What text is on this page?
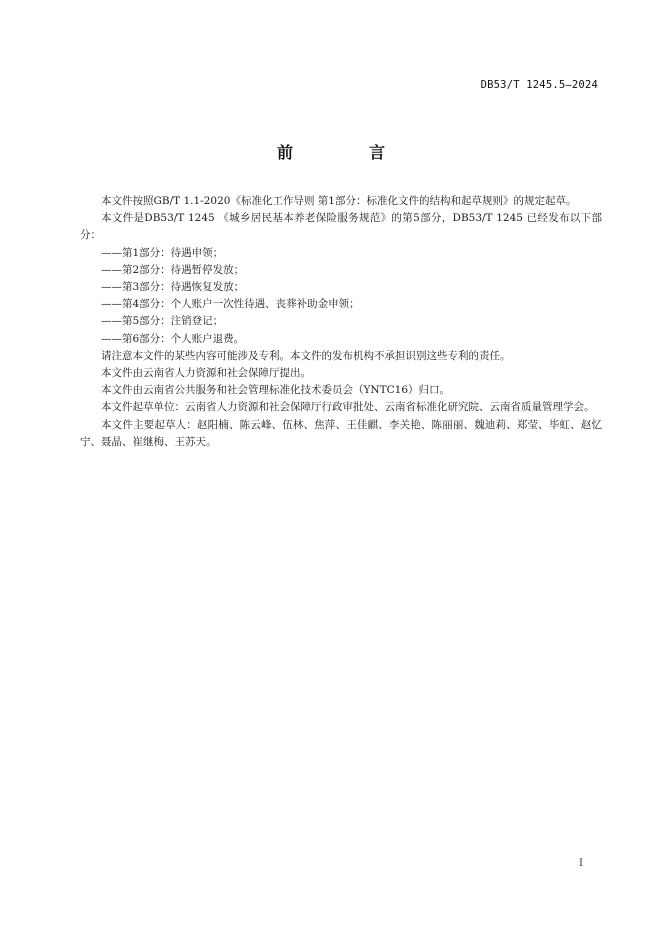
DB53/T 1245.5—2024
前　言

本文件按照GB/T 1.1-2020《标准化工作导则 第1部分：标准化文件的结构和起草规则》的规定起草。

本文件是DB53/T 1245 《城乡居民基本养老保险服务规范》的第5部分，DB53/T 1245 已经发布以下部分：

——第1部分：待遇申领；

——第2部分：待遇暂停发放；

——第3部分：待遇恢复发放；

——第4部分：个人账户一次性待遇、丧葬补助金申领；

——第5部分：注销登记；

——第6部分：个人账户退费。

请注意本文件的某些内容可能涉及专利。本文件的发布机构不承担识别这些专利的责任。

本文件由云南省人力资源和社会保障厅提出。

本文件由云南省公共服务和社会管理标准化技术委员会（YNTC16）归口。

本文件起草单位：云南省人力资源和社会保障厅行政审批处、云南省标准化研究院、云南省质量管理学会。

本文件主要起草人：赵阳楠、陈云峰、伍林、焦萍、王佳麒、李关艳、陈丽丽、魏迪莉、郑莹、毕虹、赵忆宁、聂晶、崔继梅、王苏天。

I
